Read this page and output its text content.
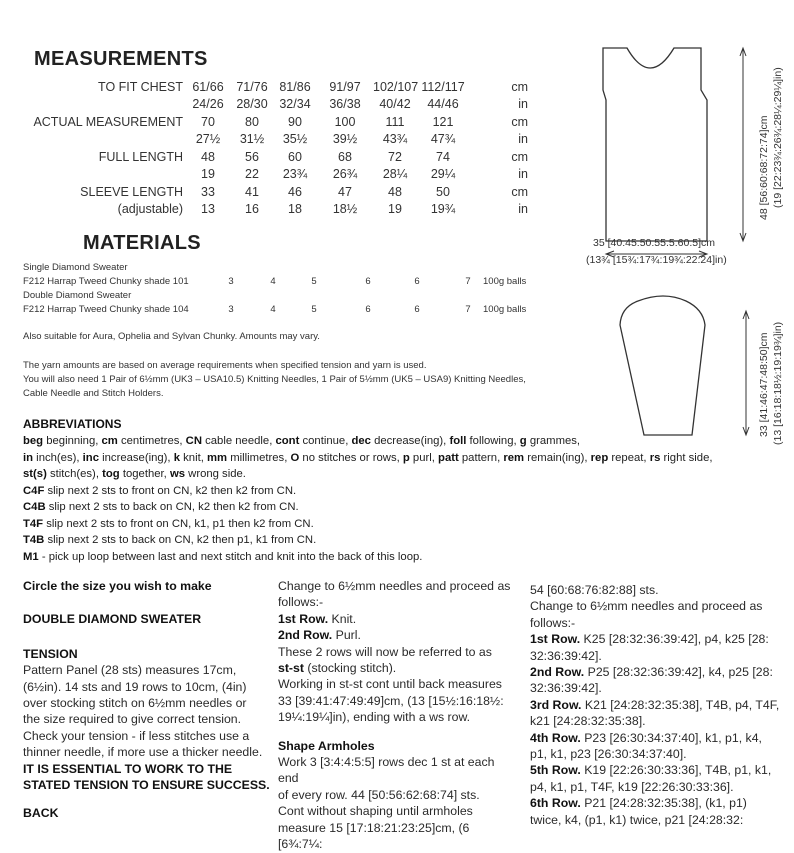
MEASUREMENTS
TO FIT CHEST 61/66	71/76 81/86	91/97 102/107 112/117	cm
24/26	28/30 32/34	36/38	40/42	44/46	in
ACTUAL MEASUREMENT	70	80	90	100	111	121	cm
27½	31½	35½	39½	43¾	47¾	in
FULL LENGTH	48	56	60	68	72	74	cm
19	22	23¾	26¾	28¼	29¼	in
SLEEVE LENGTH	33	41	46	47	48	50	cm
(adjustable)	13	16	18	18½	19	19¾	in
MATERIALS
Single Diamond Sweater
F212 Harrap Tweed Chunky shade 101	3	4	5	6	6	7	100g balls
Double Diamond Sweater
F212 Harrap Tweed Chunky shade 104	3	4	5	6	6	7	100g balls
Also suitable for Aura, Ophelia and Sylvan Chunky. Amounts may vary.
The yarn amounts are based on average requirements when specified tension and yarn is used.
You will also need 1 Pair of 6½mm (UK3 – USA10.5) Knitting Needles, 1 Pair of 5½mm (UK5 – USA9) Knitting Needles,
Cable Needle and Stitch Holders.
ABBREVIATIONS
beg beginning, cm centimetres, CN cable needle, cont continue, dec decrease(ing), foll following, g grammes,
in inch(es), inc increase(ing), k knit, mm millimetres, O no stitches or rows, p purl, patt pattern, rem remain(ing), rep repeat, rs right side,
st(s) stitch(es), tog together, ws wrong side.
C4F slip next 2 sts to front on CN, k2 then k2 from CN.
C4B slip next 2 sts to back on CN, k2 then k2 from CN.
T4F slip next 2 sts to front on CN, k1, p1 then k2 from CN.
T4B slip next 2 sts to back on CN, k2 then p1, k1 from CN.
M1 - pick up loop between last and next stitch and knit into the back of this loop.
48 [56:60:68:72:74]cm (19 [22:23¾:26¾:28¼:29¼]in)
35 [40:45:50:55.5:60.5]cm
(13¾ [15¾:17¾:19¾:22:24]in)
33 [41:46:47:48:50]cm (13 [16:18:18½:19:19¾]in)

Circle the size you wish to make

DOUBLE DIAMOND SWEATER

TENSION

Pattern Panel (28 sts) measures 17cm,

(6½in). 14 sts and 19 rows to 10cm, (4in)

over stocking stitch on 6½mm needles or

the size required to give correct tension.

Check your tension - if less stitches use a

thinner needle, if more use a thicker needle.

IT IS ESSENTIAL TO WORK TO THE

STATED TENSION TO ENSURE SUCCESS.

BACK

Change to 6½mm needles and proceed as

follows:-

1st Row. Knit.

2nd Row. Purl.

These 2 rows will now be referred to as

st-st (stocking stitch).

Working in st-st cont until back measures

33 [39:41:47:49:49]cm, (13 [15½:16:18½:

19¼:19¼]in), ending with a ws row.

Shape Armholes

Work 3 [3:4:4:5:5] rows dec 1 st at each end

of every row. 44 [50:56:62:68:74] sts.

Cont without shaping until armholes

measure 15 [17:18:21:23:25]cm, (6 [6¾:7¼:

54 [60:68:76:82:88] sts.

Change to 6½mm needles and proceed as

follows:-

1st Row. K25 [28:32:36:39:42], p4, k25 [28:

32:36:39:42].

2nd Row. P25 [28:32:36:39:42], k4, p25 [28:

32:36:39:42].

3rd Row. K21 [24:28:32:35:38], T4B, p4, T4F,

k21 [24:28:32:35:38].

4th Row. P23 [26:30:34:37:40], k1, p1, k4,

p1, k1, p23 [26:30:34:37:40].

5th Row. K19 [22:26:30:33:36], T4B, p1, k1,

p4, k1, p1, T4F, k19 [22:26:30:33:36].

6th Row. P21 [24:28:32:35:38], (k1, p1)

twice, k4, (p1, k1) twice, p21 [24:28:32:
